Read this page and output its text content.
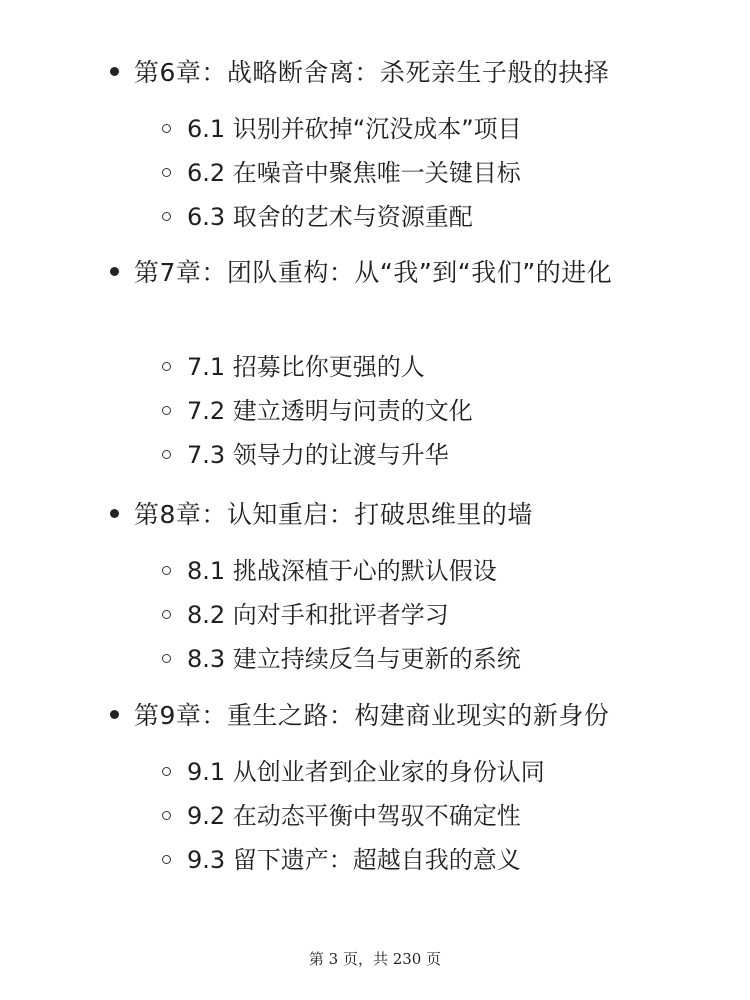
第6章：战略断舍离：杀死亲生子般的抉择
6.1 识别并砍掉“沉没成本”项目
6.2 在噪音中聚焦唯一关键目标
6.3 取舍的艺术与资源重配
第7章：团队重构：从“我”到“我们”的进化
7.1 招募比你更强的人
7.2 建立透明与问责的文化
7.3 领导力的让渡与升华
第8章：认知重启：打破思维里的墙
8.1 挑战深植于心的默认假设
8.2 向对手和批评者学习
8.3 建立持续反刍与更新的系统
第9章：重生之路：构建商业现实的新身份
9.1 从创业者到企业家的身份认同
9.2 在动态平衡中驾驭不确定性
9.3 留下遗产：超越自我的意义
第 3 页，共 230 页
